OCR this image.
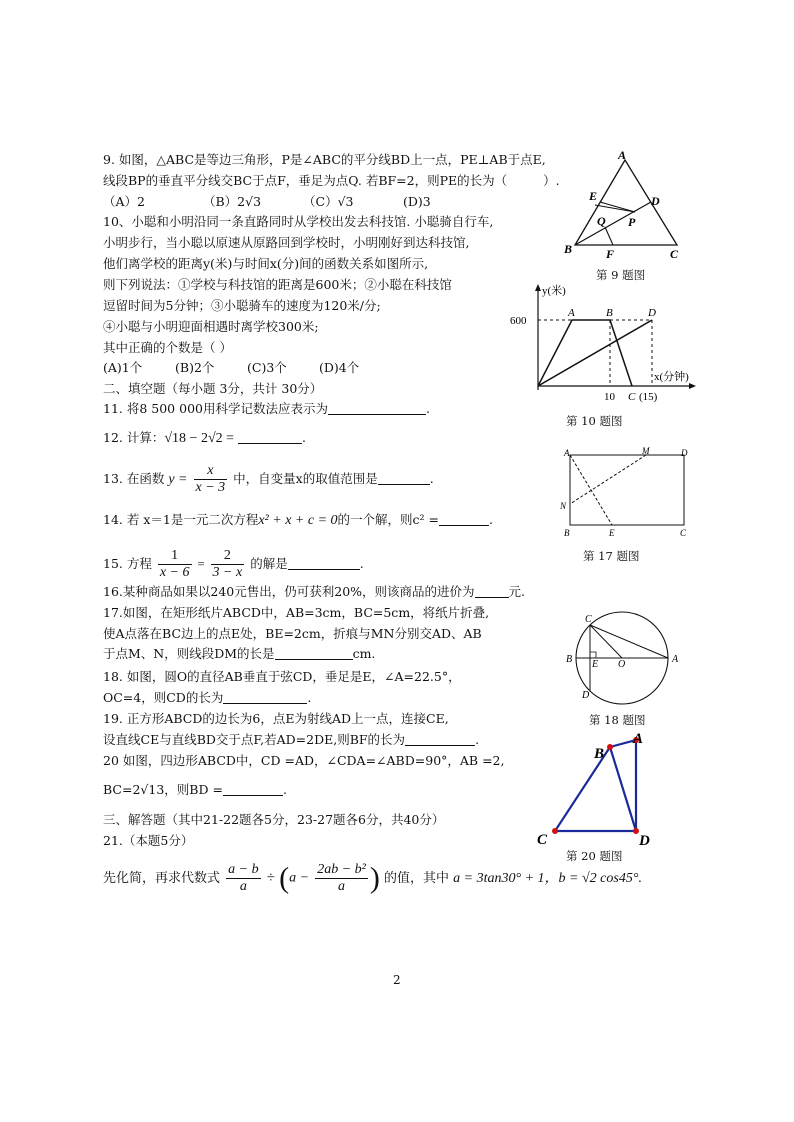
9. 如图，△ABC是等边三角形，P是∠ABC的平分线BD上一点，PE⊥AB于点E,
线段BP的垂直平分线交BC于点F，垂足为点Q. 若BF=2，则PE的长为（	）.
（A）2	（B）2√3	（C）√3	(D)3
A
E	D
Q P
B	F	C
第 9 题图
10、小聪和小明沿同一条直路同时从学校出发去科技馆. 小聪骑自行车,
小明步行，当小聪以原速从原路回到学校时，小明刚好到达科技馆,
他们离学校的距离y(米)与时间x(分)间的函数关系如图所示,
则下列说法：①学校与科技馆的距离是600米；②小聪在科技馆
逗留时间为5分钟；③小聪骑车的速度为120米/分;
④小聪与小明迎面相遇时离学校300米;
其中正确的个数是（ ）
(A)1个	(B)2个	(C)3个	(D)4个
y(米)
600
A	B	D
10 C (15)
x(分钟)
第 10 题图
二、填空题（每小题 3分，共计 30分）
11. 将8 500 000用科学记数法应表示为	.
12. 计算：√18 − 2√2 =	.
13. 在函数 $y = \frac{x}{x - 3}$ 中，自变量x的取值范围是	.
14. 若 x＝1是一元二次方程x² + x + c = 0的一个解，则c² =	.
15. 方程 $\frac{1}{x - 6} = \frac{2}{3 - x}$ 的解是	.
16.某种商品如果以240元售出，仍可获利20%，则该商品的进价为	元.
17.如图，在矩形纸片ABCD中，AB=3cm，BC=5cm，将纸片折叠,
使A点落在BC边上的点E处，BE=2cm，折痕与MN分别交AD、AB
于点M、N，则线段DM的长是	cm.
18. 如图，圆O的直径AB垂直于弦CD，垂足是E，∠A=22.5°，
OC=4，则CD的长为	.
19. 正方形ABCD的边长为6，点E为射线AD上一点，连接CE,
设直线CE与直线BD交于点F,若AD=2DE,则BF的长为	.
20 如图，四边形ABCD中，CD =AD，∠CDA=∠ABD=90°，AB =2,
BC=2√13，则BD =	.
A	M	D
N
B	E	C
第 17 题图
C
B E O	A
D
第 18 题图
B
A
C	D
第 20 题图
三、解答题（其中21-22题各5分，23-27题各6分，共40分）
21.（本题5分）
先化简，再求代数式 $\frac{a - b}{a} \div (a - \frac{\text{2ab − b²}}{a}$ ) 的值，其中 a = 3tan30° + 1，b = √2 cos45°.
2
